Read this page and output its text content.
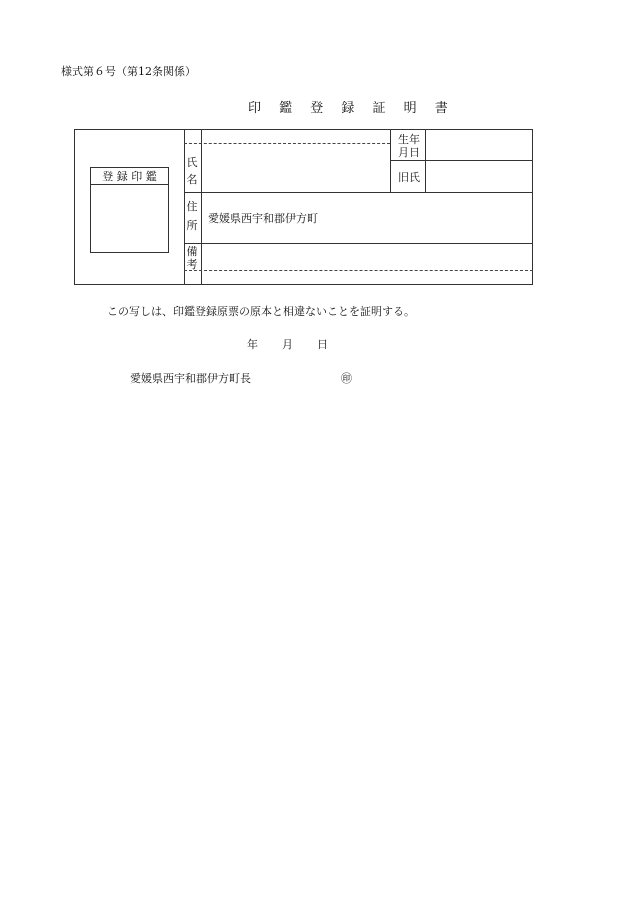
様式第６号（第12条関係）
印 鑑 登 録 証 明 書
登 録 印 鑑
氏
名
生年
月日
旧氏
住
所
愛媛県西宇和郡伊方町
備
考
この写しは、印鑑登録原票の原本と相違ないことを証明する。
年 月 日
愛媛県西宇和郡伊方町長	㊞
